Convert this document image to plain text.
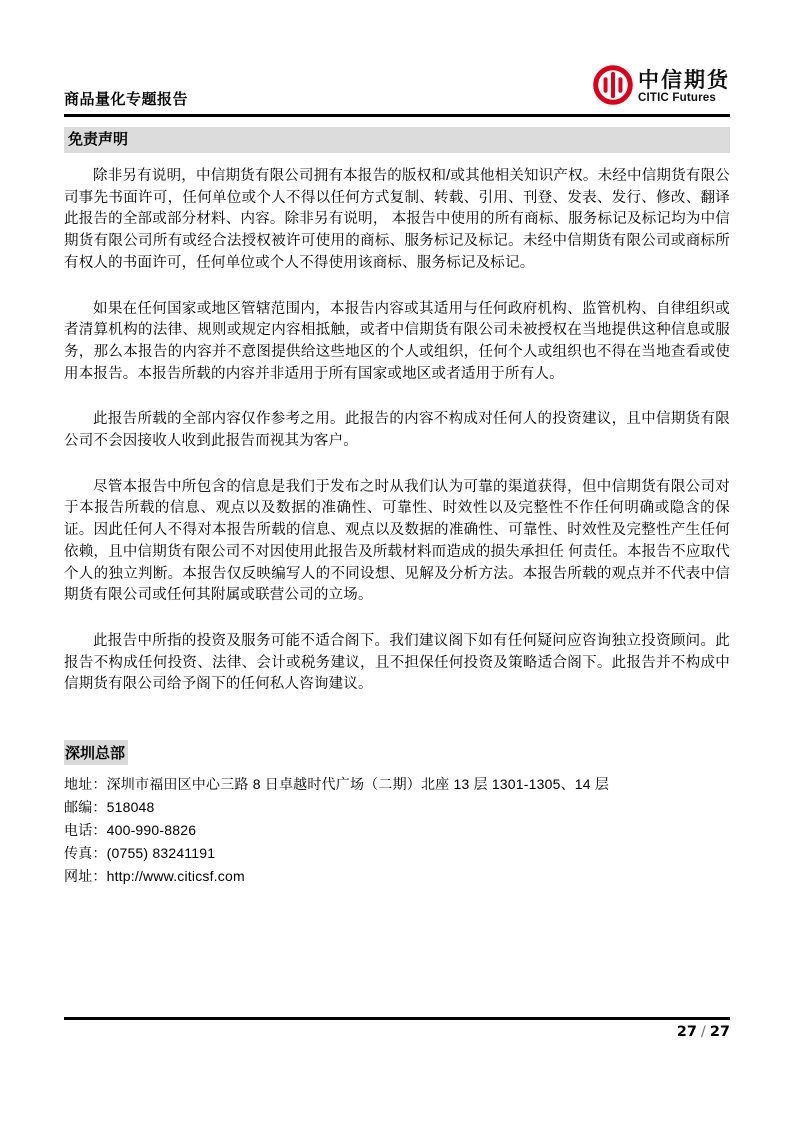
商品量化专题报告
中信期货
CITIC Futures
免责声明

除非另有说明，中信期货有限公司拥有本报告的版权和/或其他相关知识产权。未经中信期货有限公司事先书面许可，任何单位或个人不得以任何方式复制、转载、引用、刊登、发表、发行、修改、翻译此报告的全部或部分材料、内容。除非另有说明， 本报告中使用的所有商标、服务标记及标记均为中信期货有限公司所有或经合法授权被许可使用的商标、服务标记及标记。未经中信期货有限公司或商标所有权人的书面许可，任何单位或个人不得使用该商标、服务标记及标记。

如果在任何国家或地区管辖范围内，本报告内容或其适用与任何政府机构、监管机构、自律组织或者清算机构的法律、规则或规定内容相抵触，或者中信期货有限公司未被授权在当地提供这种信息或服务，那么本报告的内容并不意图提供给这些地区的个人或组织，任何个人或组织也不得在当地查看或使用本报告。本报告所载的内容并非适用于所有国家或地区或者适用于所有人。

此报告所载的全部内容仅作参考之用。此报告的内容不构成对任何人的投资建议，且中信期货有限公司不会因接收人收到此报告而视其为客户。

尽管本报告中所包含的信息是我们于发布之时从我们认为可靠的渠道获得，但中信期货有限公司对于本报告所载的信息、观点以及数据的准确性、可靠性、时效性以及完整性不作任何明确或隐含的保证。因此任何人不得对本报告所载的信息、观点以及数据的准确性、可靠性、时效性及完整性产生任何依赖，且中信期货有限公司不对因使用此报告及所载材料而造成的损失承担任 何责任。本报告不应取代个人的独立判断。本报告仅反映编写人的不同设想、见解及分析方法。本报告所载的观点并不代表中信期货有限公司或任何其附属或联营公司的立场。

此报告中所指的投资及服务可能不适合阁下。我们建议阁下如有任何疑问应咨询独立投资顾问。此报告不构成任何投资、法律、会计或税务建议，且不担保任何投资及策略适合阁下。此报告并不构成中信期货有限公司给予阁下的任何私人咨询建议。

深圳总部
地址：深圳市福田区中心三路 8 日卓越时代广场（二期）北座 13 层 1301-1305、14 层
邮编：518048
电话：400-990-8826
传真：(0755) 83241191
网址：http://www.citicsf.com
27 / 27
